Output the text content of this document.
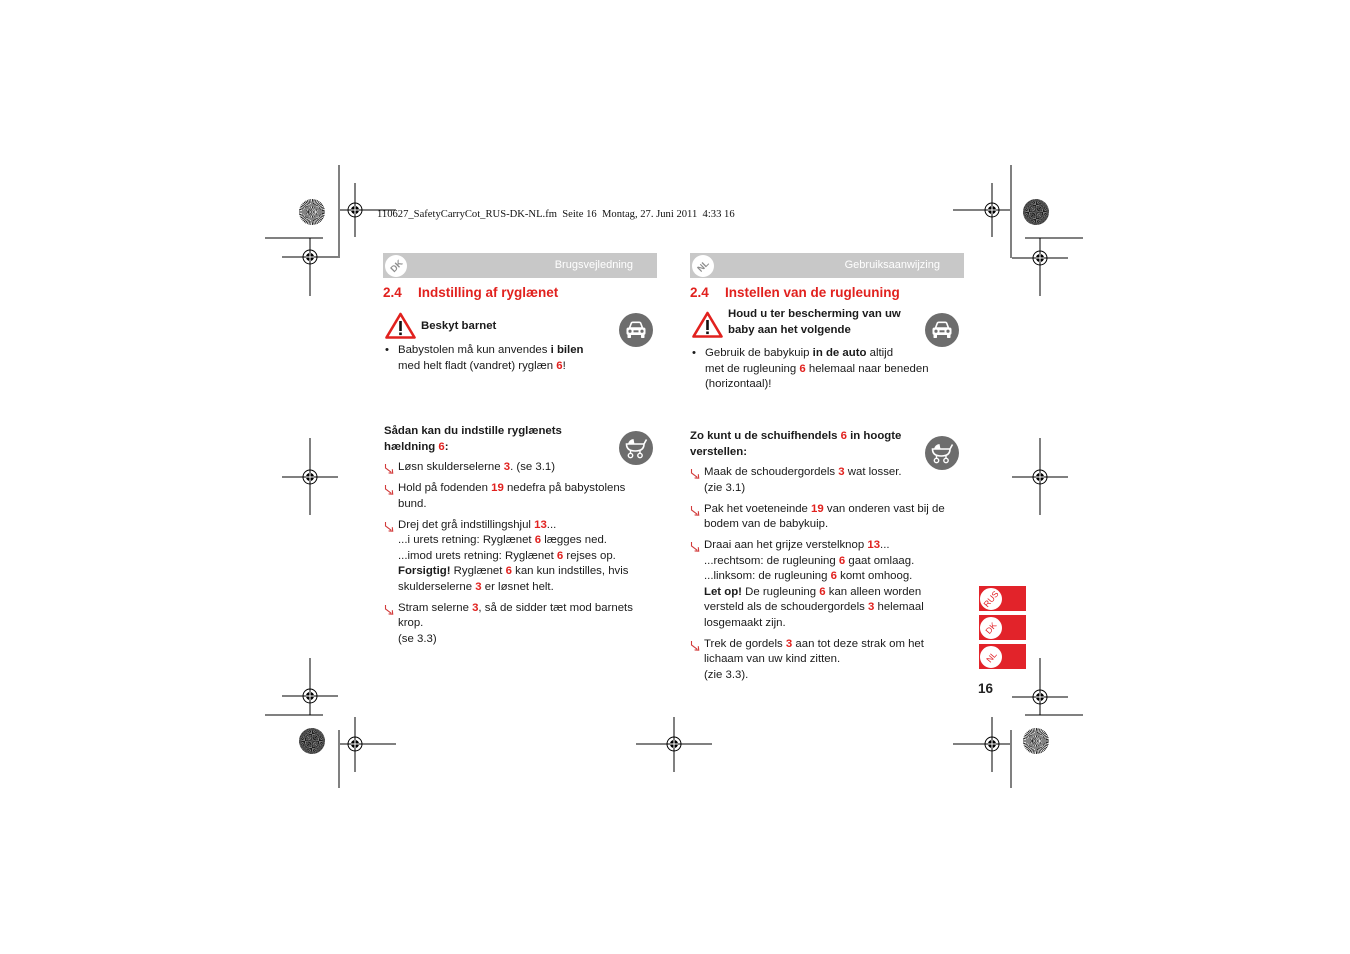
110627_SafetyCarryCot_RUS-DK-NL.fm  Seite 16  Montag, 27. Juni 2011  4:33 16
DK	Brugsvejledning
2.4 Indstilling af ryglænet
Beskyt barnet
• Babystolen må kun anvendes i bilen
med helt fladt (vandret) ryglæn 6!
Sådan kan du indstille ryglænets
hældning 6:
Løsn skulderselerne 3. (se 3.1)
Hold på fodenden 19 nedefra på babystolens
bund.
Drej det grå indstillingshjul 13...
...i urets retning: Ryglænet 6 lægges ned.
...imod urets retning: Ryglænet 6 rejses op.
Forsigtig! Ryglænet 6 kan kun indstilles, hvis
skulderselerne 3 er løsnet helt.
Stram selerne 3, så de sidder tæt mod barnets
krop.
(se 3.3)
NL	Gebruiksaanwijzing
2.4 Instellen van de rugleuning
Houd u ter bescherming van uw
baby aan het volgende
• Gebruik de babykuip in de auto altijd
met de rugleuning 6 helemaal naar beneden
(horizontaal)!
Zo kunt u de schuifhendels 6 in hoogte
verstellen:
Maak de schoudergordels 3 wat losser.
(zie 3.1)
Pak het voeteneinde 19 van onderen vast bij de
bodem van de babykuip.
Draai aan het grijze verstelknop 13...
...rechtsom: de rugleuning 6 gaat omlaag.
...linksom: de rugleuning 6 komt omhoog.
Let op! De rugleuning 6 kan alleen worden
versteld als de schoudergordels 3 helemaal
losgemaakt zijn.
Trek de gordels 3 aan tot deze strak om het
lichaam van uw kind zitten.
(zie 3.3).
RUS
DK
NL
16
